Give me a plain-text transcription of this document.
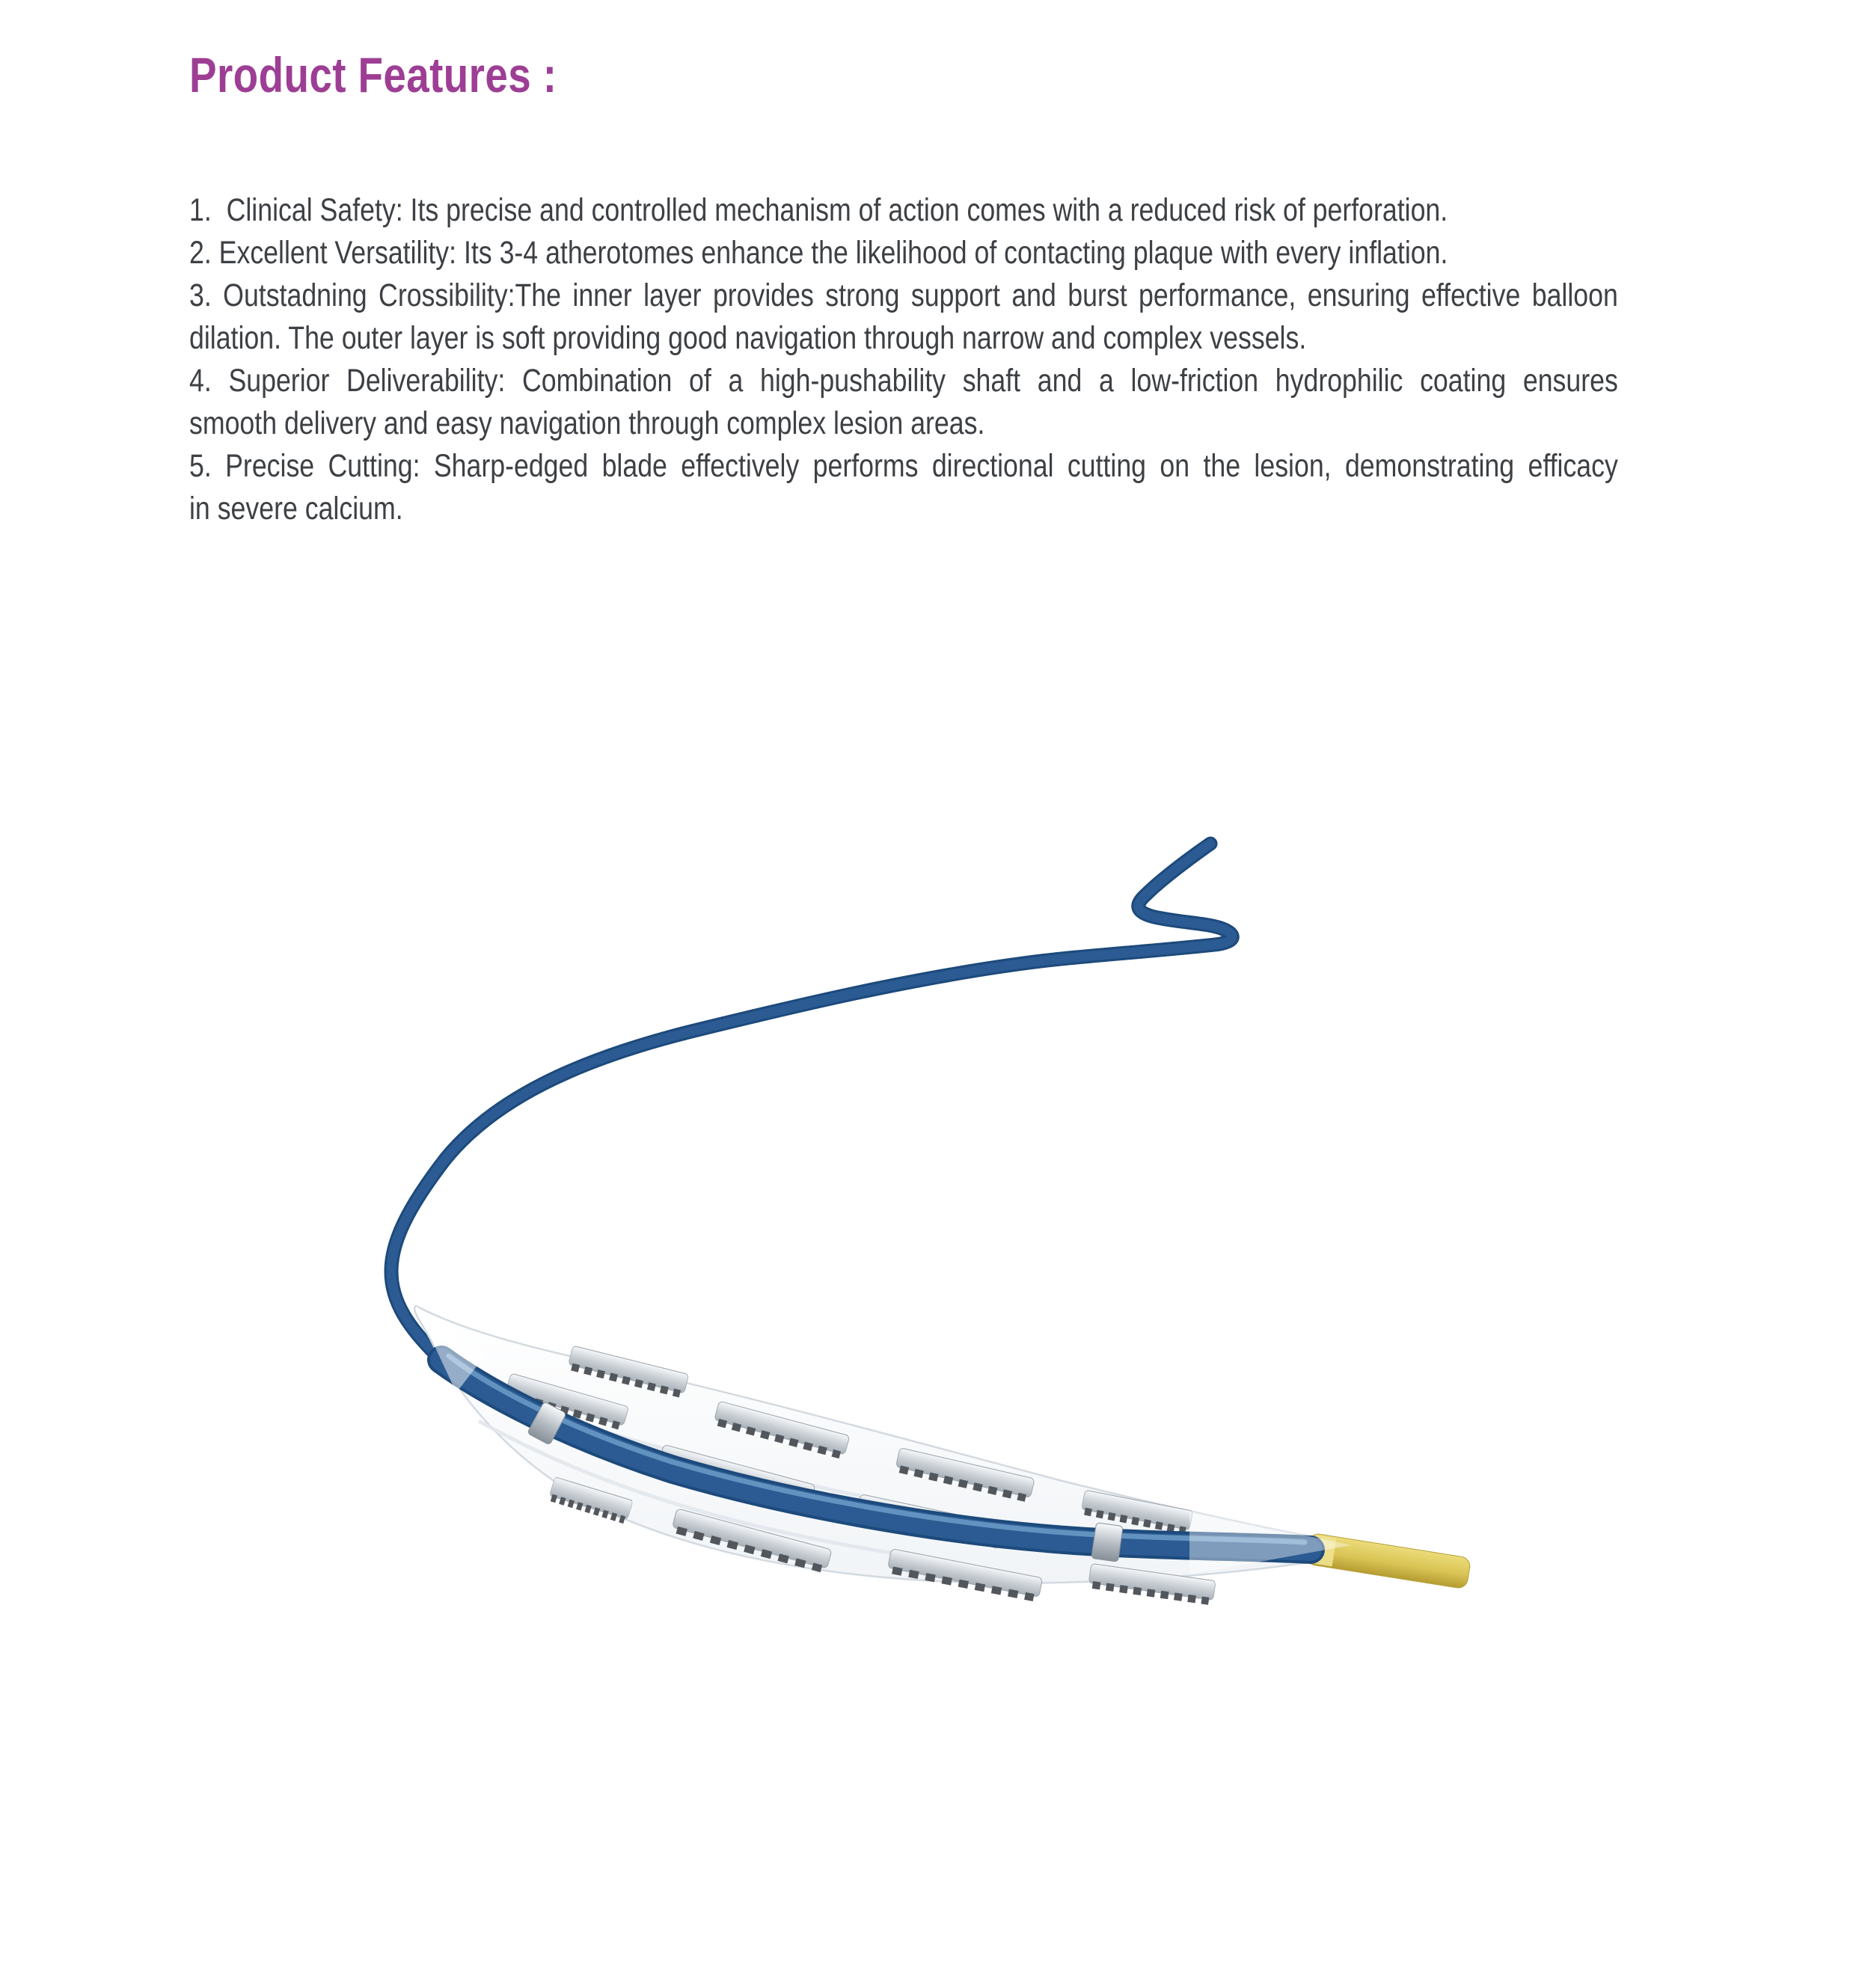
Product Features :

1.  Clinical Safety: Its precise and controlled mechanism of action comes with a reduced risk of perforation.

2. Excellent Versatility: Its 3-4 atherotomes enhance the likelihood of contacting plaque with every inflation.

3. Outstadning Crossibility:The inner layer provides strong support and burst performance, ensuring effective balloon

dilation. The outer layer is soft providing good navigation through narrow and complex vessels.

4. Superior Deliverability: Combination of a high-pushability shaft and a low-friction hydrophilic coating ensures

smooth delivery and easy navigation through complex lesion areas.

5. Precise Cutting: Sharp-edged blade effectively performs directional cutting on the lesion, demonstrating efficacy

in severe calcium.
